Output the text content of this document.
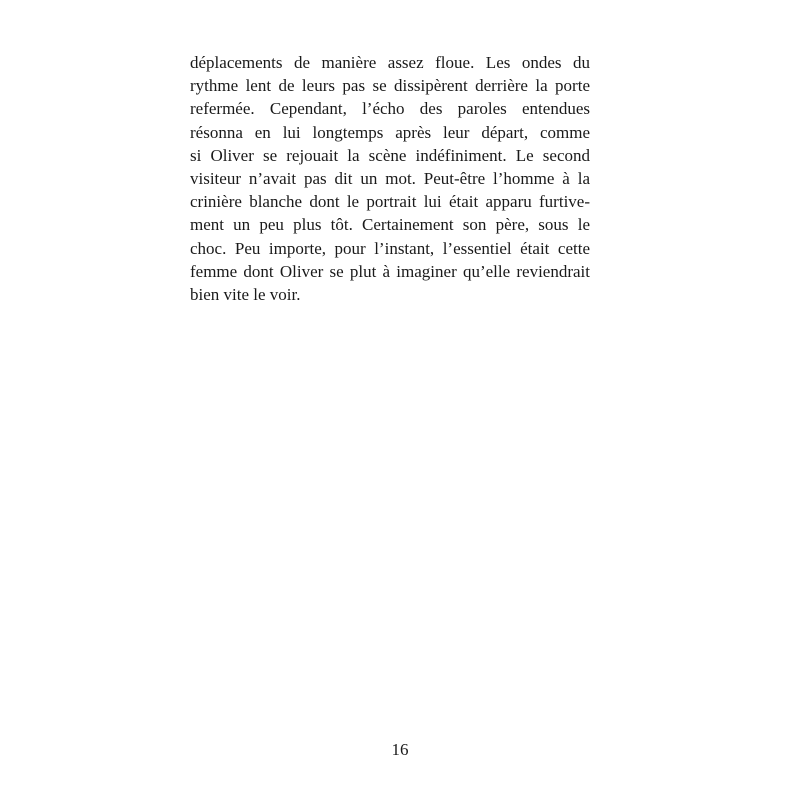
déplacements de manière assez floue. Les ondes du
rythme lent de leurs pas se dissipèrent derrière la porte
refermée. Cependant, l’écho des paroles entendues
résonna en lui longtemps après leur départ, comme
si Oliver se rejouait la scène indéfiniment. Le second
visiteur n’avait pas dit un mot. Peut-être l’homme à la
crinière blanche dont le portrait lui était apparu furtive-
ment un peu plus tôt. Certainement son père, sous le
choc. Peu importe, pour l’instant, l’essentiel était cette
femme dont Oliver se plut à imaginer qu’elle reviendrait
bien vite le voir.
16
